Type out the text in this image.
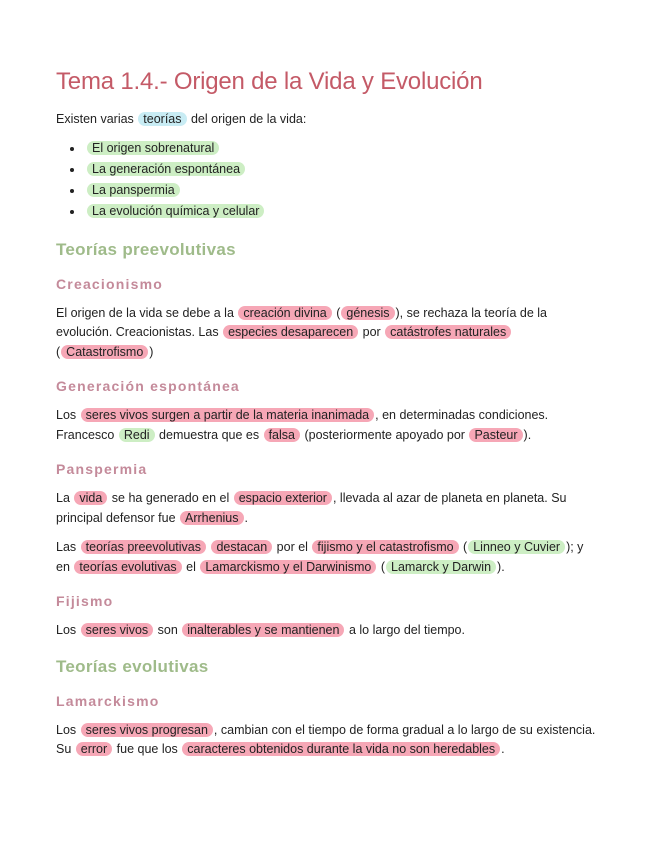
Tema 1.4.- Origen de la Vida y Evolución

Existen varias teorías del origen de la vida:

• El origen sobrenatural
• La generación espontánea
• La panspermia
• La evolución química y celular
Teorías preevolutivas
Creacionismo

El origen de la vida se debe a la creación divina ( génesis ), se rechaza la teoría de la evolución. Creacionistas. Las especies desaparecen por catástrofes naturales ( Catastrofismo )

Generación espontánea

Los seres vivos surgen a partir de la materia inanimada , en determinadas condiciones. Francesco Redi demuestra que es falsa (posteriormente apoyado por Pasteur ).

Panspermia

La vida se ha generado en el espacio exterior , llevada al azar de planeta en planeta. Su principal defensor fue Arrhenius .

Las teorías preevolutivas destacan por el fijismo y el catastrofismo ( Linneo y Cuvier ); y en teorías evolutivas el Lamarckismo y el Darwinismo ( Lamarck y Darwin ).

Fijismo

Los seres vivos son inalterables y se mantienen a lo largo del tiempo.

Teorías evolutivas
Lamarckismo

Los seres vivos progresan , cambian con el tiempo de forma gradual a lo largo de su existencia.
Su error fue que los caracteres obtenidos durante la vida no son heredables .
